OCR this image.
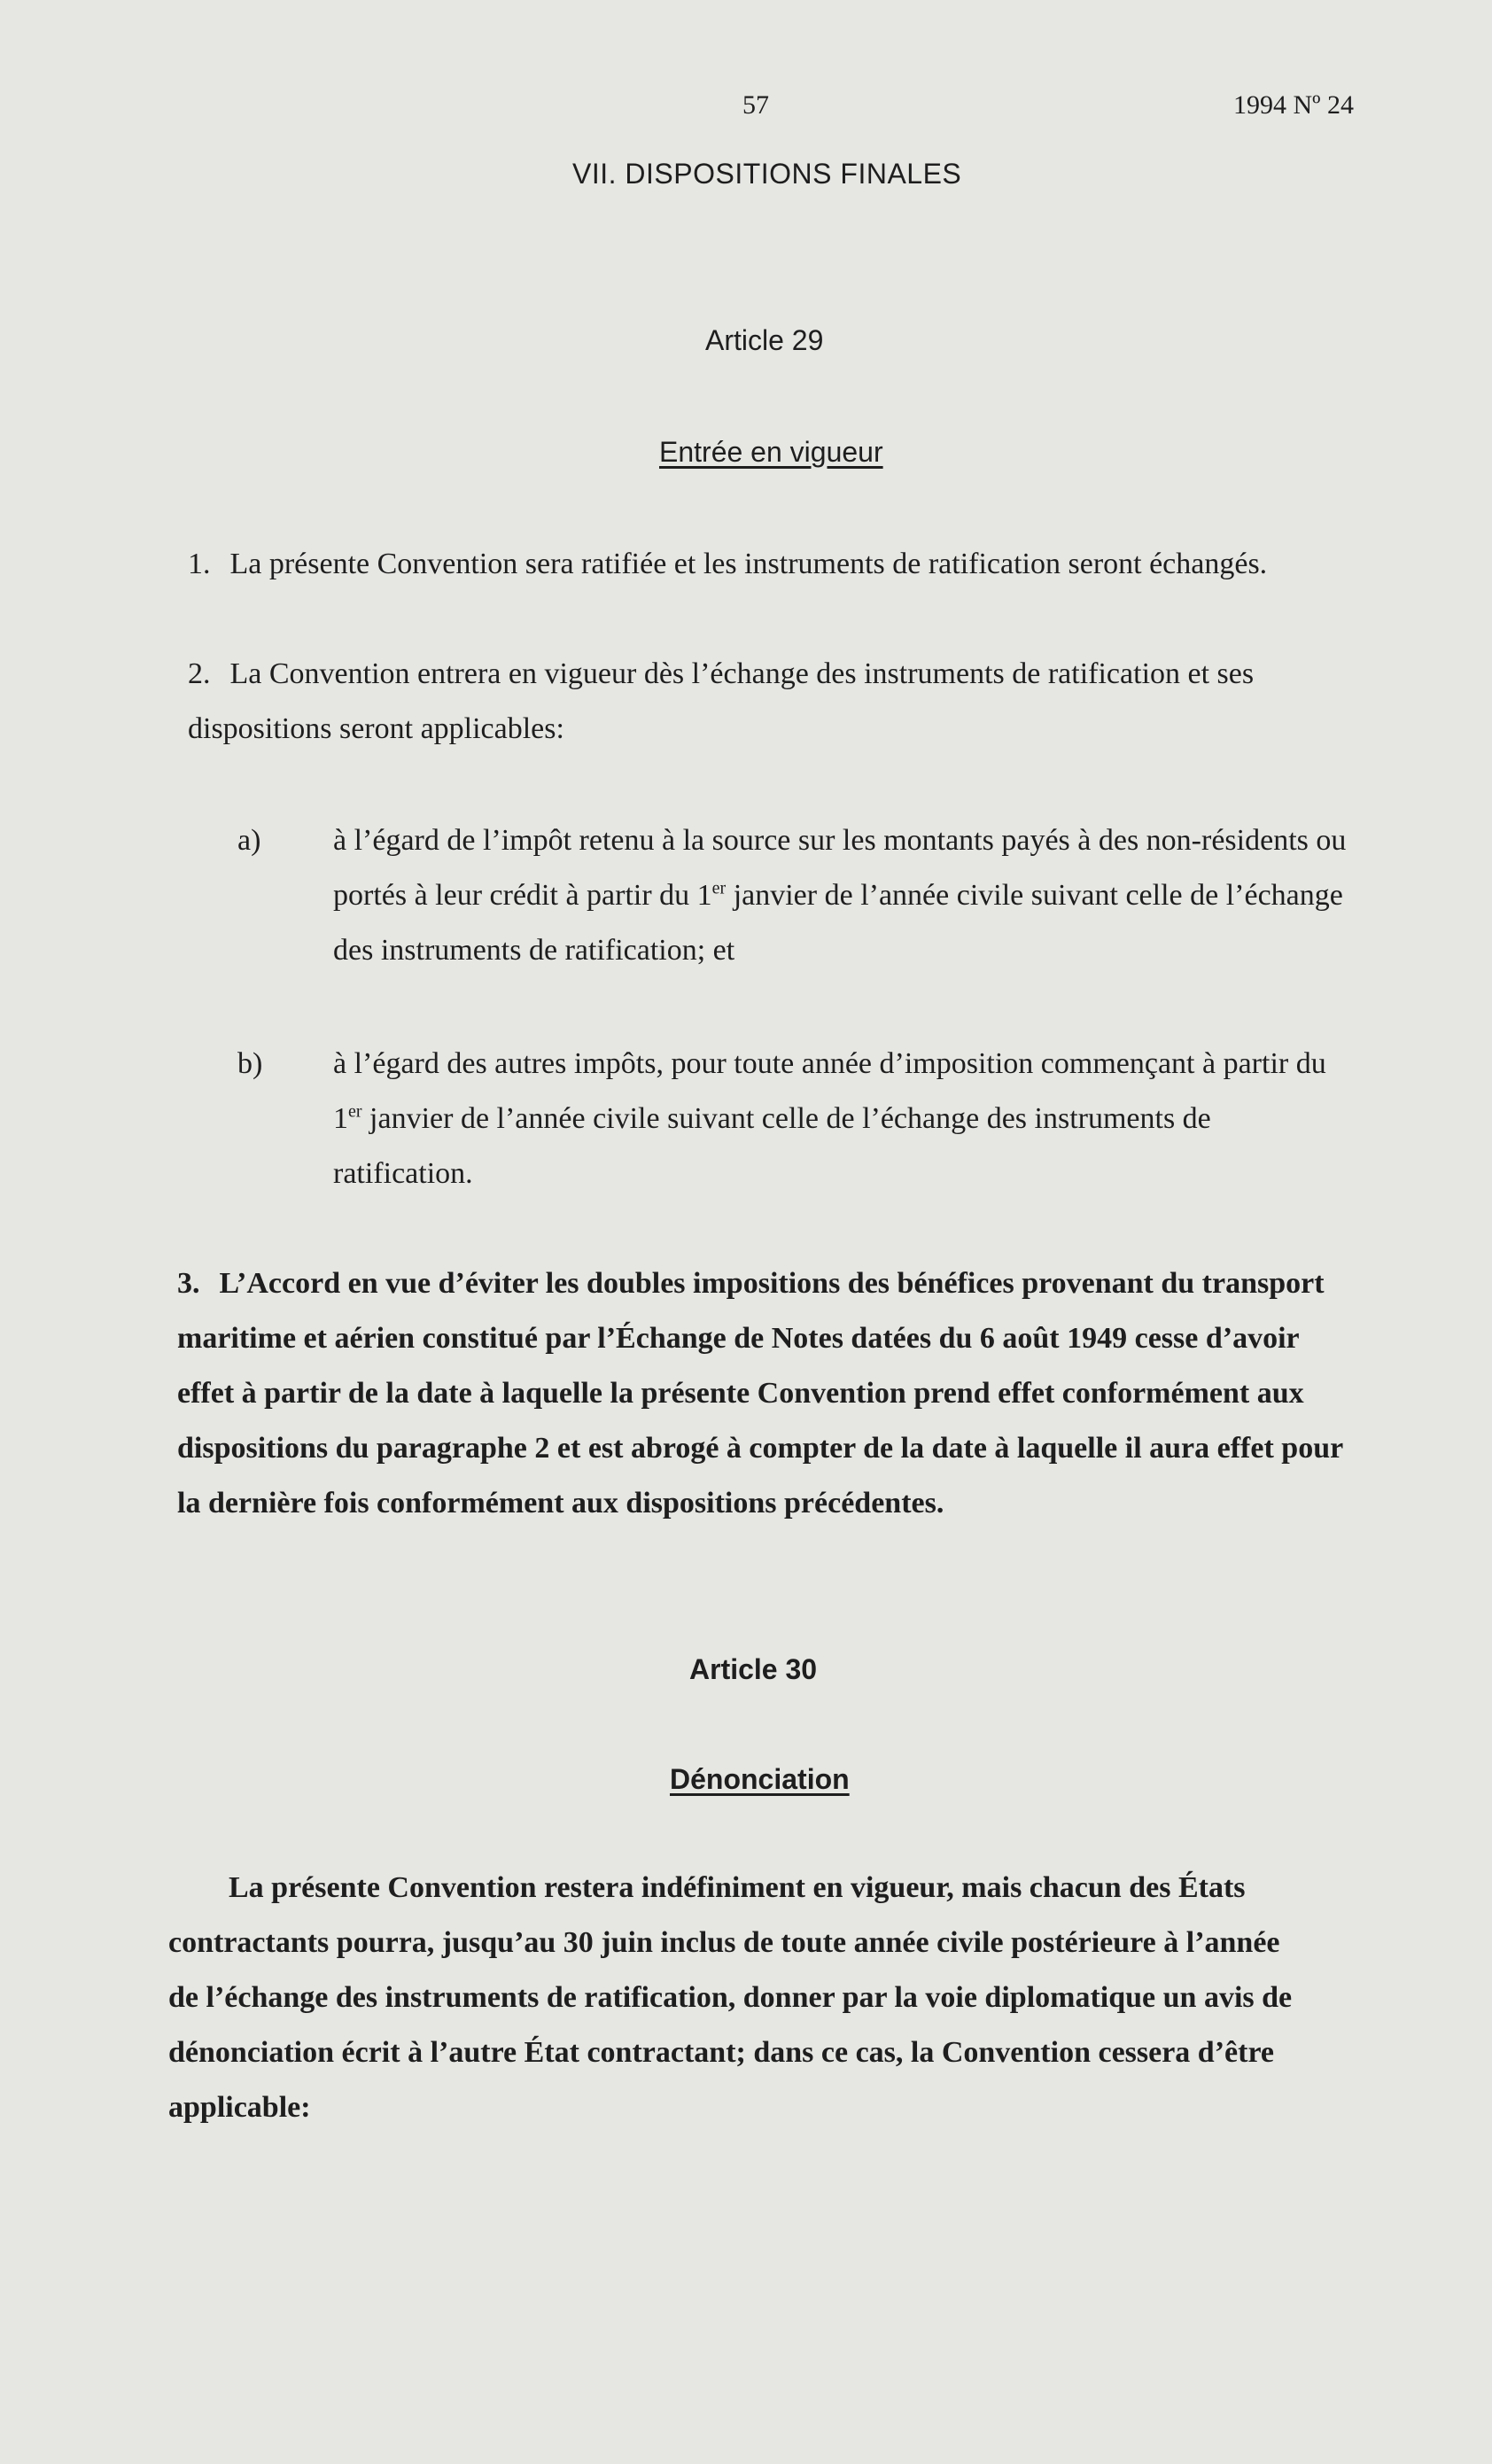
57	1994 Nº 24
VII. DISPOSITIONS FINALES
Article 29
Entrée en vigueur
1. La présente Convention sera ratifiée et les instruments de ratification seront échangés.
2. La Convention entrera en vigueur dès l’échange des instruments de ratification et ses dispositions seront applicables:
a) à l’égard de l’impôt retenu à la source sur les montants payés à des non-résidents ou portés à leur crédit à partir du 1er janvier de l’année civile suivant celle de l’échange des instruments de ratification; et
b) à l’égard des autres impôts, pour toute année d’imposition commençant à partir du 1er janvier de l’année civile suivant celle de l’échange des instruments de ratification.
3. L’Accord en vue d’éviter les doubles impositions des bénéfices provenant du transport maritime et aérien constitué par l’Échange de Notes datées du 6 août 1949 cesse d’avoir effet à partir de la date à laquelle la présente Convention prend effet conformément aux dispositions du paragraphe 2 et est abrogé à compter de la date à laquelle il aura effet pour la dernière fois conformément aux dispositions précédentes.
Article 30
Dénonciation
La présente Convention restera indéfiniment en vigueur, mais chacun des États contractants pourra, jusqu’au 30 juin inclus de toute année civile postérieure à l’année de l’échange des instruments de ratification, donner par la voie diplomatique un avis de dénonciation écrit à l’autre État contractant; dans ce cas, la Convention cessera d’être applicable:
